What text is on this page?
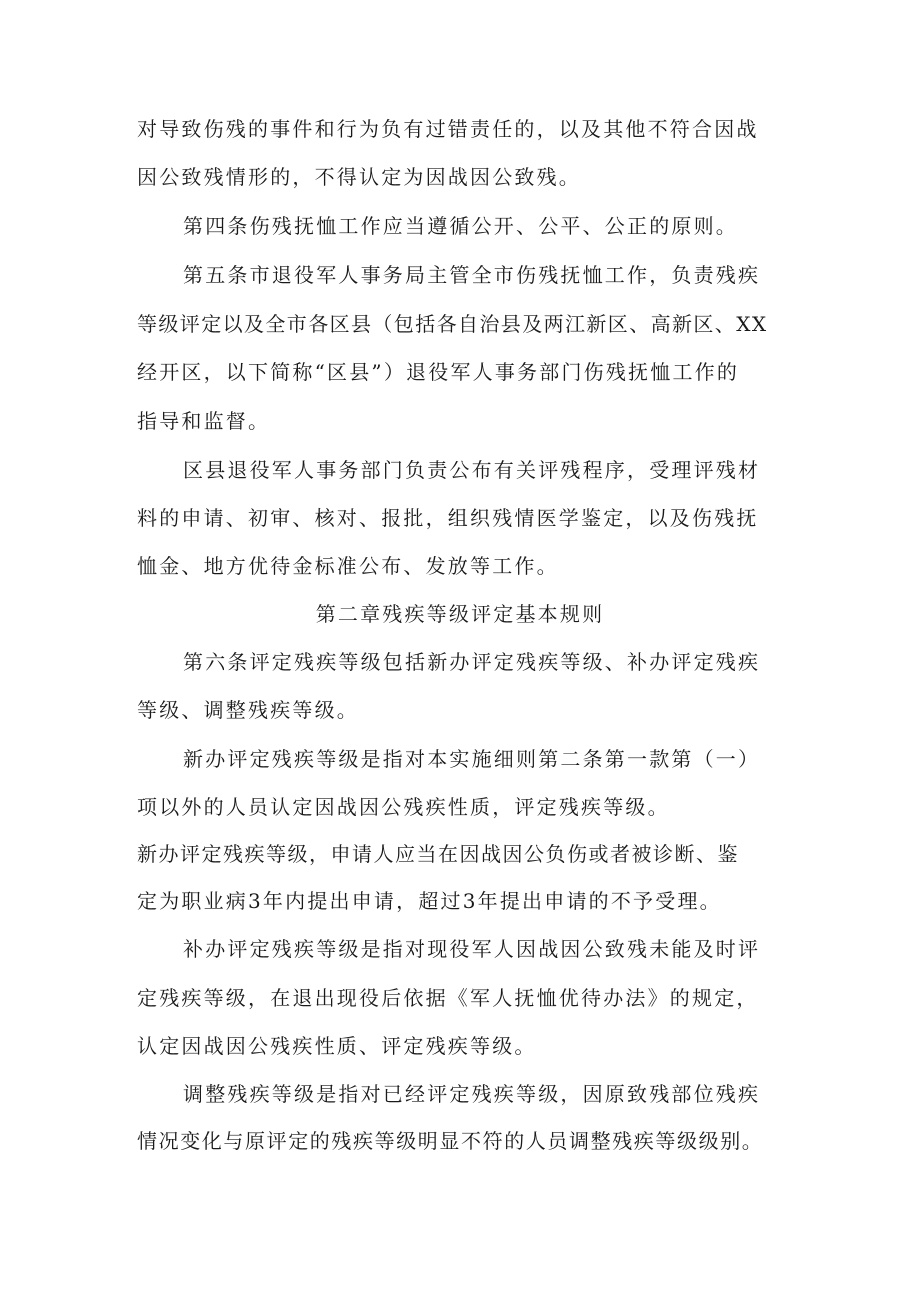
对导致伤残的事件和行为负有过错责任的，以及其他不符合因战
因公致残情形的，不得认定为因战因公致残。
第四条伤残抚恤工作应当遵循公开、公平、公正的原则。
第五条市退役军人事务局主管全市伤残抚恤工作，负责残疾
等级评定以及全市各区县（包括各自治县及两江新区、高新区、XX
经开区，以下简称“区县”）退役军人事务部门伤残抚恤工作的
指导和监督。
区县退役军人事务部门负责公布有关评残程序，受理评残材
料的申请、初审、核对、报批，组织残情医学鉴定，以及伤残抚
恤金、地方优待金标准公布、发放等工作。
第二章残疾等级评定基本规则
第六条评定残疾等级包括新办评定残疾等级、补办评定残疾
等级、调整残疾等级。
新办评定残疾等级是指对本实施细则第二条第一款第（一）
项以外的人员认定因战因公残疾性质，评定残疾等级。
新办评定残疾等级，申请人应当在因战因公负伤或者被诊断、鉴
定为职业病3年内提出申请，超过3年提出申请的不予受理。
补办评定残疾等级是指对现役军人因战因公致残未能及时评
定残疾等级，在退出现役后依据《军人抚恤优待办法》的规定，
认定因战因公残疾性质、评定残疾等级。
调整残疾等级是指对已经评定残疾等级，因原致残部位残疾
情况变化与原评定的残疾等级明显不符的人员调整残疾等级级别。
